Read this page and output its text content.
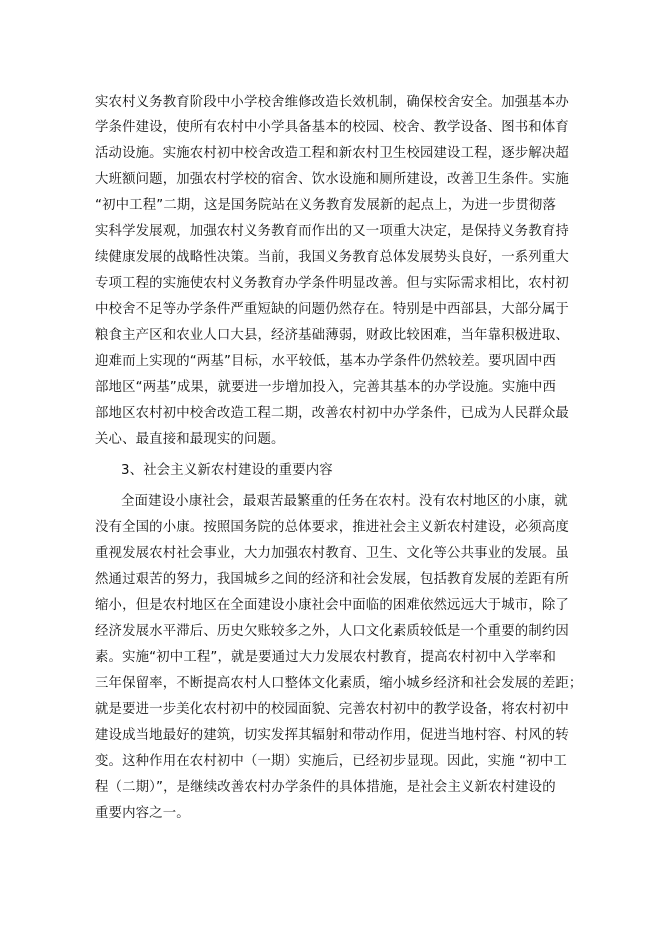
实农村义务教育阶段中小学校舍维修改造长效机制，确保校舍安全。加强基本办
学条件建设，使所有农村中小学具备基本的校园、校舍、教学设备、图书和体育
活动设施。实施农村初中校舍改造工程和新农村卫生校园建设工程，逐步解决超
大班额问题，加强农村学校的宿舍、饮水设施和厕所建设，改善卫生条件。实施
“初中工程”二期，这是国务院站在义务教育发展新的起点上，为进一步贯彻落
实科学发展观，加强农村义务教育而作出的又一项重大决定，是保持义务教育持
续健康发展的战略性决策。当前，我国义务教育总体发展势头良好，一系列重大
专项工程的实施使农村义务教育办学条件明显改善。但与实际需求相比，农村初
中校舍不足等办学条件严重短缺的问题仍然存在。特别是中西部县，大部分属于
粮食主产区和农业人口大县，经济基础薄弱，财政比较困难，当年靠积极进取、
迎难而上实现的“两基”目标，水平较低，基本办学条件仍然较差。要巩固中西
部地区“两基”成果，就要进一步增加投入，完善其基本的办学设施。实施中西
部地区农村初中校舍改造工程二期，改善农村初中办学条件，已成为人民群众最
关心、最直接和最现实的问题。
3、社会主义新农村建设的重要内容
全面建设小康社会，最艰苦最繁重的任务在农村。没有农村地区的小康，就
没有全国的小康。按照国务院的总体要求，推进社会主义新农村建设，必须高度
重视发展农村社会事业，大力加强农村教育、卫生、文化等公共事业的发展。虽
然通过艰苦的努力，我国城乡之间的经济和社会发展，包括教育发展的差距有所
缩小，但是农村地区在全面建设小康社会中面临的困难依然远远大于城市，除了
经济发展水平滞后、历史欠账较多之外，人口文化素质较低是一个重要的制约因
素。实施“初中工程”，就是要通过大力发展农村教育，提高农村初中入学率和
三年保留率，不断提高农村人口整体文化素质，缩小城乡经济和社会发展的差距；
就是要进一步美化农村初中的校园面貌、完善农村初中的教学设备，将农村初中
建设成当地最好的建筑，切实发挥其辐射和带动作用，促进当地村容、村风的转
变。这种作用在农村初中（一期）实施后，已经初步显现。因此，实施 “初中工
程（二期）”，是继续改善农村办学条件的具体措施，是社会主义新农村建设的
重要内容之一。
